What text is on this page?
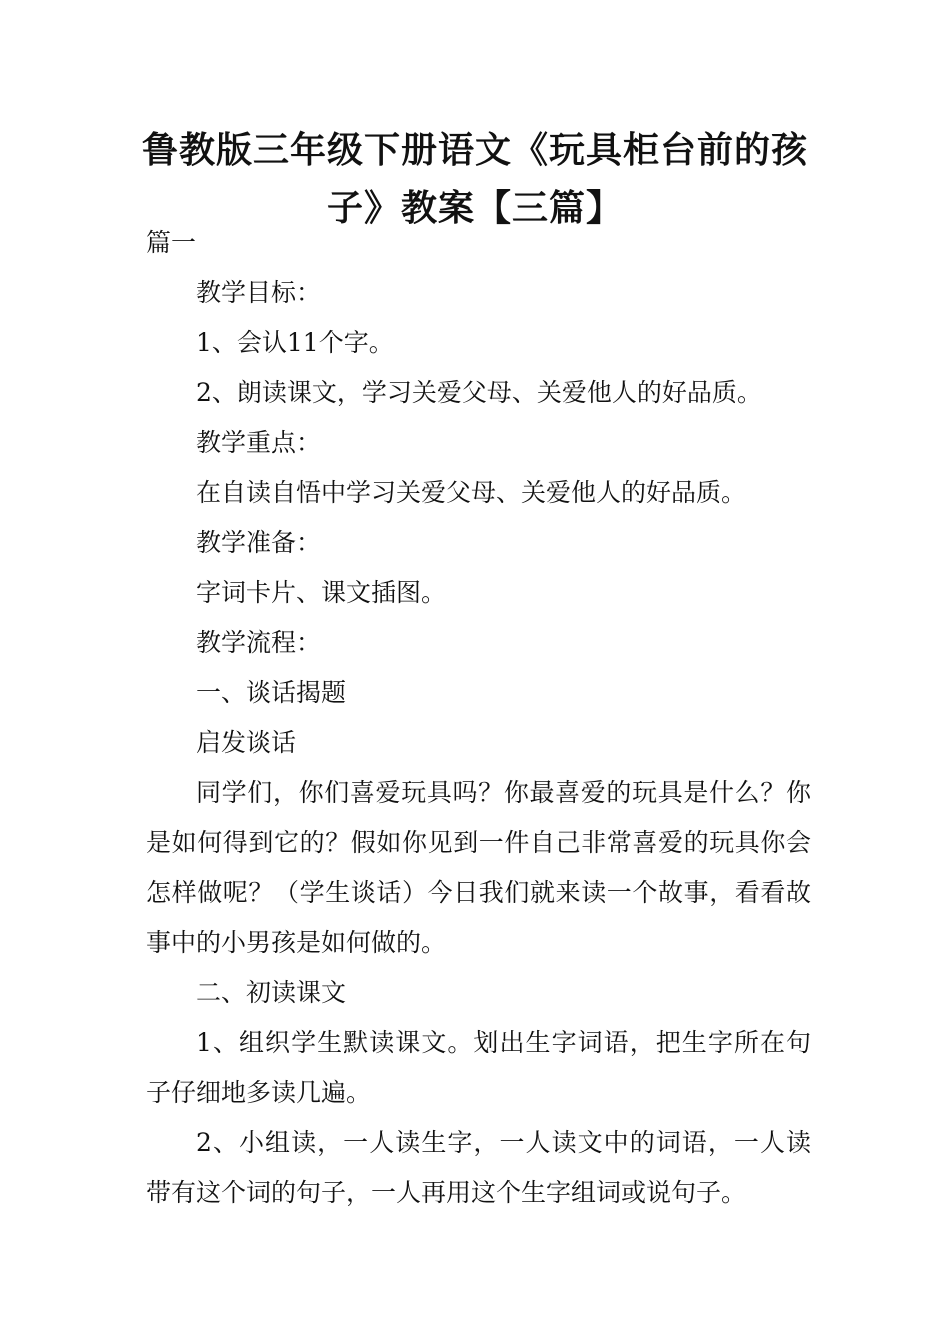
鲁教版三年级下册语文《玩具柜台前的孩
子》教案【三篇】

篇一

教学目标：

1、会认11个字。

2、朗读课文，学习关爱父母、关爱他人的好品质。

教学重点：

在自读自悟中学习关爱父母、关爱他人的好品质。

教学准备：

字词卡片、课文插图。

教学流程：

一、谈话揭题

启发谈话

同学们，你们喜爱玩具吗？你最喜爱的玩具是什么？你是如何得到它的？假如你见到一件自己非常喜爱的玩具你会怎样做呢？（学生谈话）今日我们就来读一个故事，看看故事中的小男孩是如何做的。

二、初读课文

1、组织学生默读课文。划出生字词语，把生字所在句子仔细地多读几遍。

2、小组读，一人读生字，一人读文中的词语，一人读带有这个词的句子，一人再用这个生字组词或说句子。
